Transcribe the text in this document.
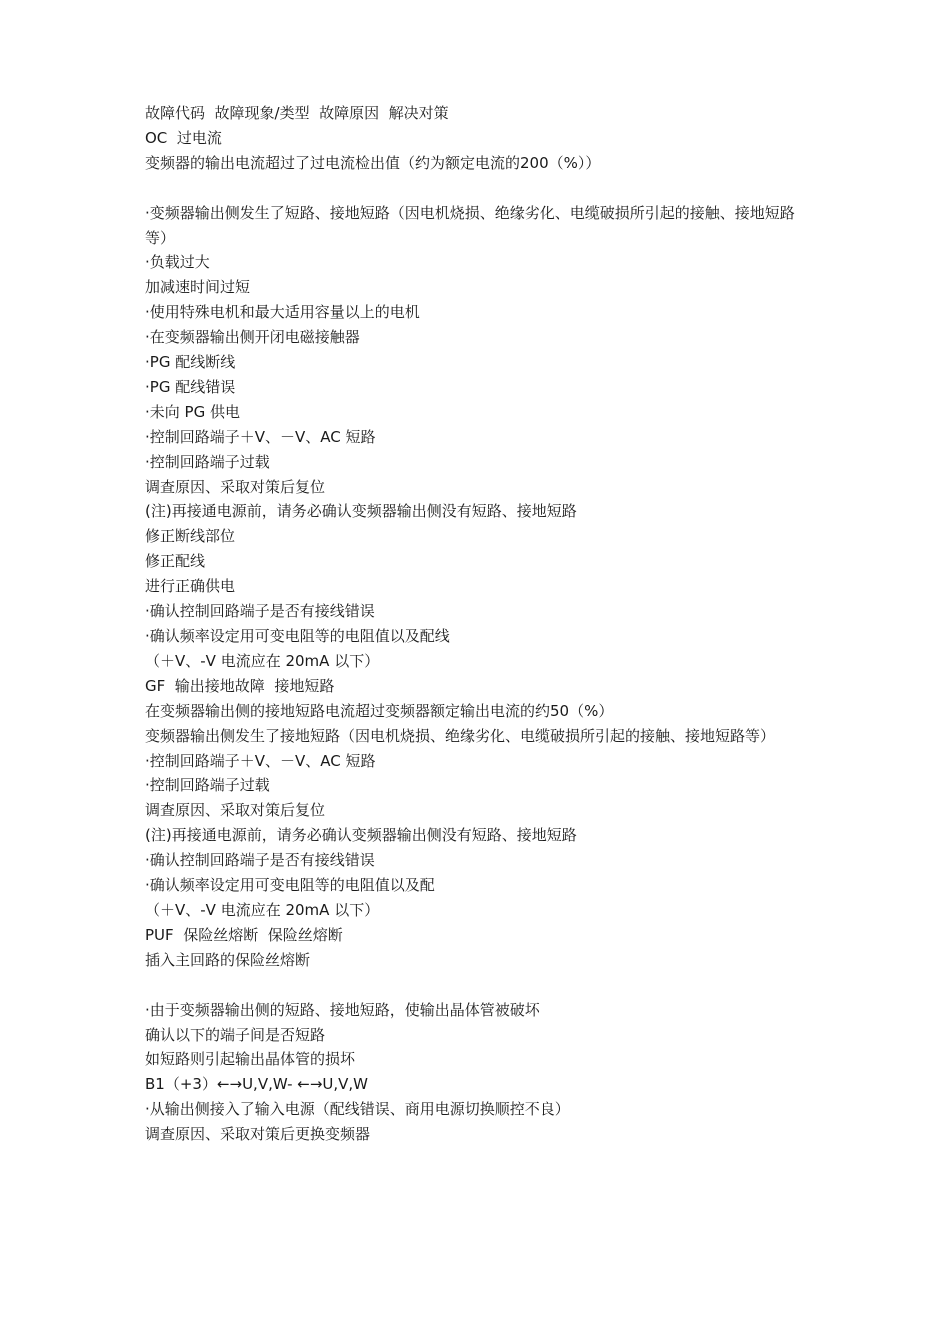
故障代码  故障现象/类型  故障原因  解决对策
OC  过电流
变频器的输出电流超过了过电流检出值（约为额定电流的200（%））
·变频器输出侧发生了短路、接地短路（因电机烧损、绝缘劣化、电缆破损所引起的接触、接地短路等）
·负载过大
加减速时间过短
·使用特殊电机和最大适用容量以上的电机
·在变频器输出侧开闭电磁接触器
·PG 配线断线
·PG 配线错误
·未向 PG 供电
·控制回路端子＋V、－V、AC 短路
·控制回路端子过载
调查原因、采取对策后复位
(注)再接通电源前，请务必确认变频器输出侧没有短路、接地短路
修正断线部位
修正配线
进行正确供电
·确认控制回路端子是否有接线错误
·确认频率设定用可变电阻等的电阻值以及配线
（＋V、-V 电流应在 20mA 以下）
GF  输出接地故障  接地短路
在变频器输出侧的接地短路电流超过变频器额定输出电流的约50（%）
变频器输出侧发生了接地短路（因电机烧损、绝缘劣化、电缆破损所引起的接触、接地短路等）
·控制回路端子＋V、－V、AC 短路
·控制回路端子过载
调查原因、采取对策后复位
(注)再接通电源前，请务必确认变频器输出侧没有短路、接地短路
·确认控制回路端子是否有接线错误
·确认频率设定用可变电阻等的电阻值以及配
（＋V、-V 电流应在 20mA 以下）
PUF  保险丝熔断  保险丝熔断
插入主回路的保险丝熔断
·由于变频器输出侧的短路、接地短路，使输出晶体管被破坏
确认以下的端子间是否短路
如短路则引起输出晶体管的损坏
B1（+3）←→U,V,W- ←→U,V,W
·从输出侧接入了输入电源（配线错误、商用电源切换顺控不良）
调查原因、采取对策后更换变频器
